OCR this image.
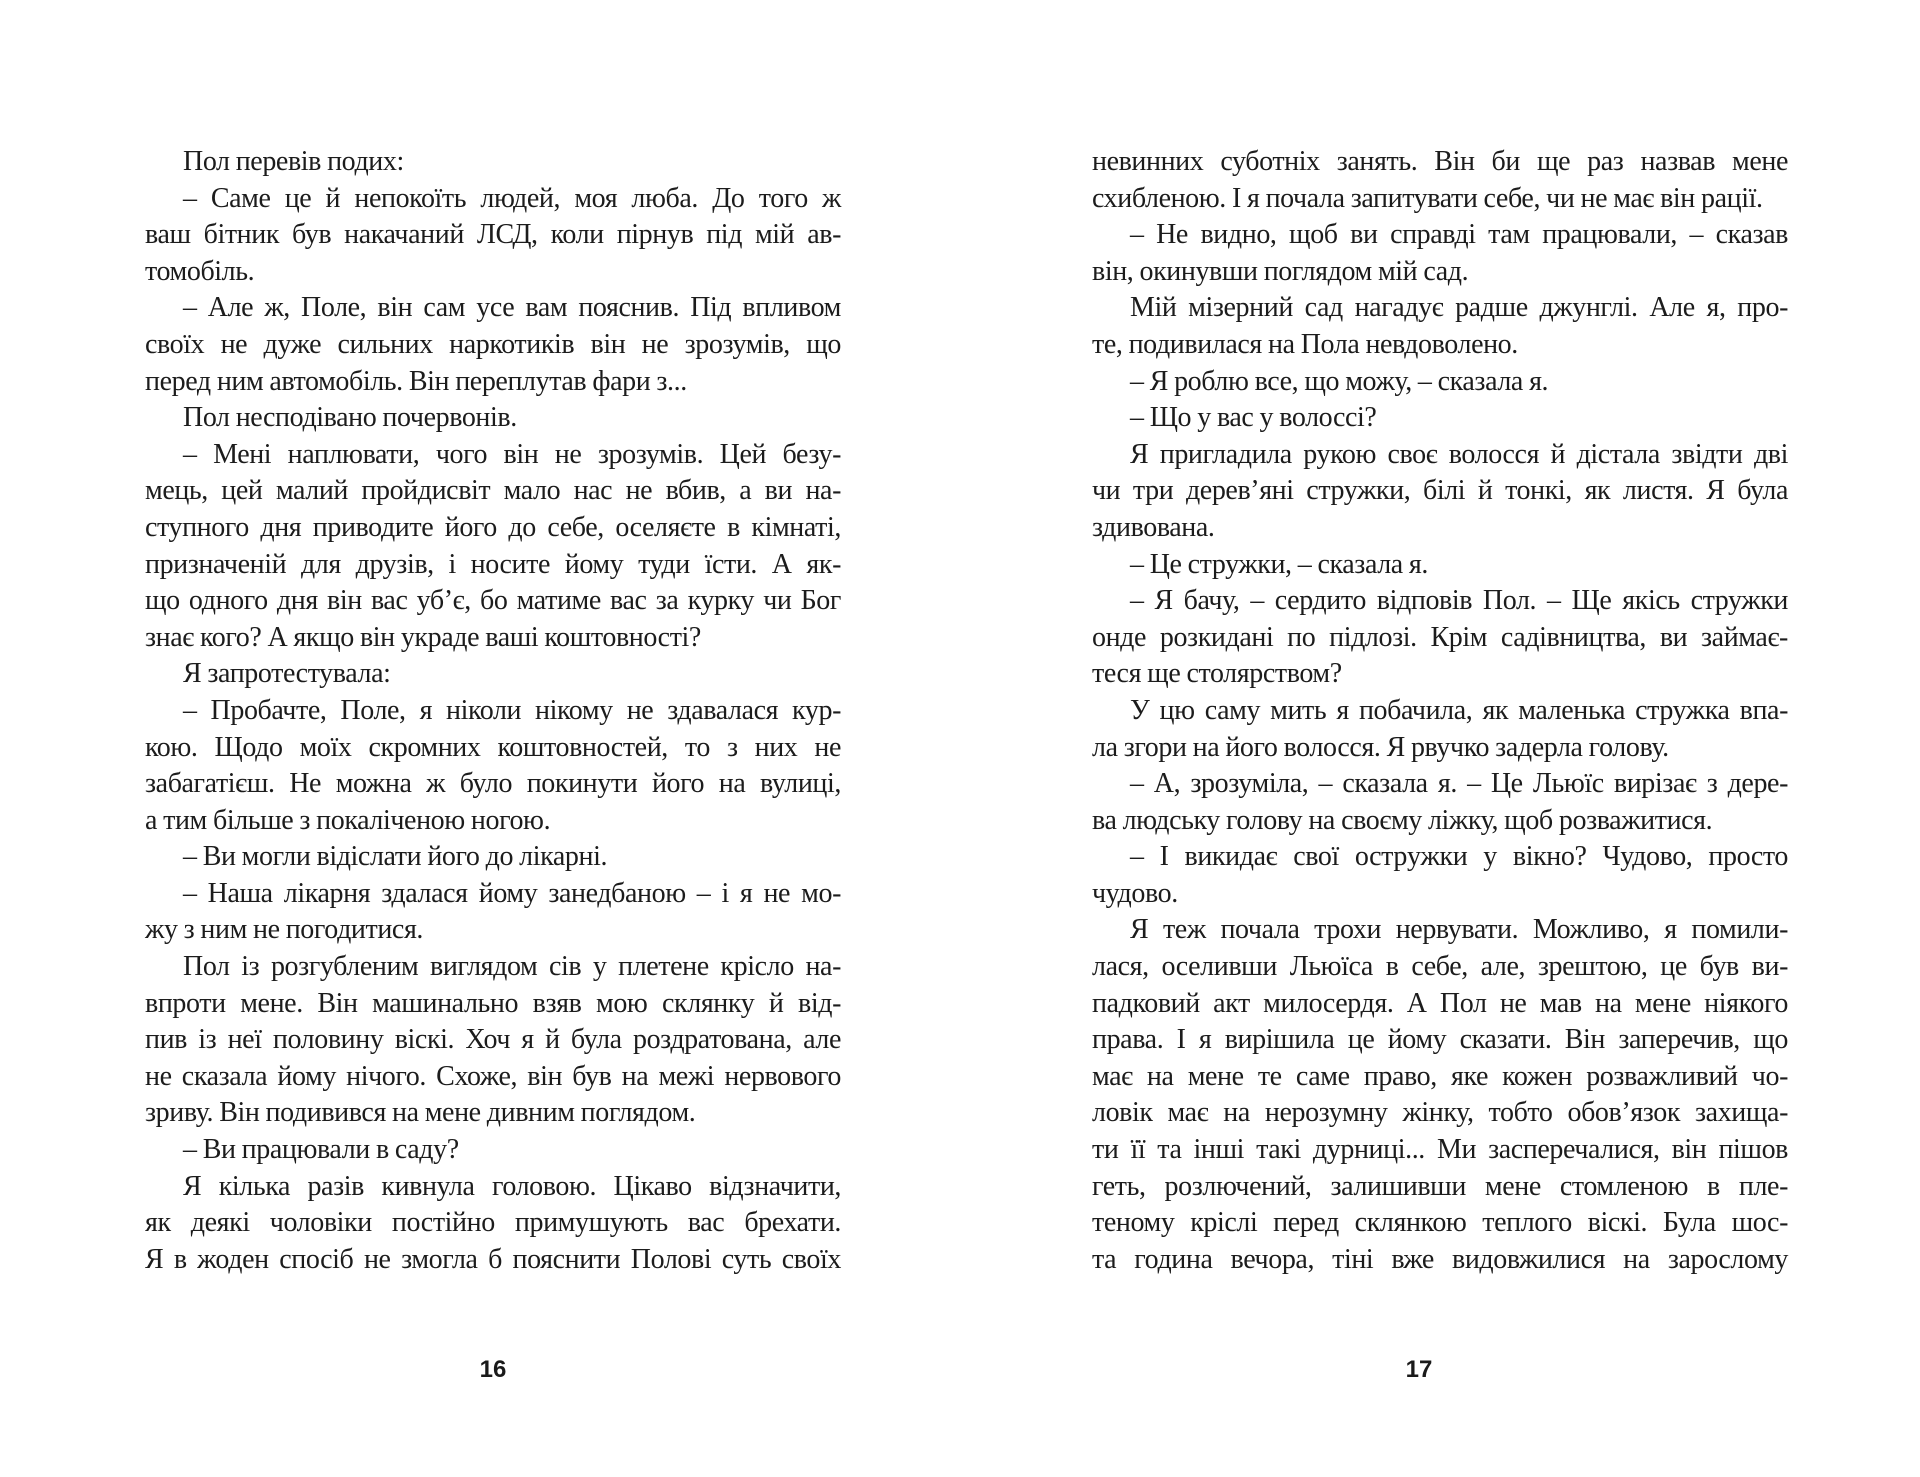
Пол перевів подих:
– Саме це й непокоїть людей, моя люба. До того ж
ваш бітник був накачаний ЛСД, коли пірнув під мій ав-
томобіль.
– Але ж, Поле, він сам усе вам пояснив. Під впливом
своїх не дуже сильних наркотиків він не зрозумів, що
перед ним автомобіль. Він переплутав фари з...
Пол несподівано почервонів.
– Мені наплювати, чого він не зрозумів. Цей безу-
мець, цей малий пройдисвіт мало нас не вбив, а ви на-
ступного дня приводите його до себе, оселяєте в кімнаті,
призначеній для друзів, і носите йому туди їсти. А як-
що одного дня він вас уб’є, бо матиме вас за курку чи Бог
знає кого? А якщо він украде ваші коштовності?
Я запротестувала:
– Пробачте, Поле, я ніколи нікому не здавалася кур-
кою. Щодо моїх скромних коштовностей, то з них не
забагатієш. Не можна ж було покинути його на вулиці,
а тим більше з покаліченою ногою.
– Ви могли відіслати його до лікарні.
– Наша лікарня здалася йому занедбаною – і я не мо-
жу з ним не погодитися.
Пол із розгубленим виглядом сів у плетене крісло на-
впроти мене. Він машинально взяв мою склянку й від-
пив із неї половину віскі. Хоч я й була роздратована, але
не сказала йому нічого. Схоже, він був на межі нервового
зриву. Він подивився на мене дивним поглядом.
– Ви працювали в саду?
Я кілька разів кивнула головою. Цікаво відзначити,
як деякі чоловіки постійно примушують вас брехати.
Я в жоден спосіб не змогла б пояснити Полові суть своїх
16
невинних суботніх занять. Він би ще раз назвав мене
схибленою. І я почала запитувати себе, чи не має він рації.
– Не видно, щоб ви справді там працювали, – сказав
він, окинувши поглядом мій сад.
Мій мізерний сад нагадує радше джунглі. Але я, про-
те, подивилася на Пола невдоволено.
– Я роблю все, що можу, – сказала я.
– Що у вас у волоссі?
Я пригладила рукою своє волосся й дістала звідти дві
чи три дерев’яні стружки, білі й тонкі, як листя. Я була
здивована.
– Це стружки, – сказала я.
– Я бачу, – сердито відповів Пол. – Ще якісь стружки
онде розкидані по підлозі. Крім садівництва, ви займає-
теся ще столярством?
У цю саму мить я побачила, як маленька стружка впа-
ла згори на його волосся. Я рвучко задерла голову.
– А, зрозуміла, – сказала я. – Це Льюїс вирізає з дере-
ва людську голову на своєму ліжку, щоб розважитися.
– І викидає свої острyжки у вікно? Чудово, просто
чудово.
Я теж почала трохи нервувати. Можливо, я помили-
лася, оселивши Льюїса в себе, але, зрештою, це був ви-
падковий акт милосердя. А Пол не мав на мене ніякого
права. І я вирішила це йому сказати. Він заперечив, що
має на мене те саме право, яке кожен розважливий чо-
ловік має на нерозумну жінку, тобто обов’язок захища-
ти її та інші такі дурниці... Ми засперечалися, він пішов
геть, розлючений, залишивши мене стомленою в пле-
теному кріслі перед склянкою теплого віскі. Була шос-
та година вечора, тіні вже видовжилися на зарослому
17
